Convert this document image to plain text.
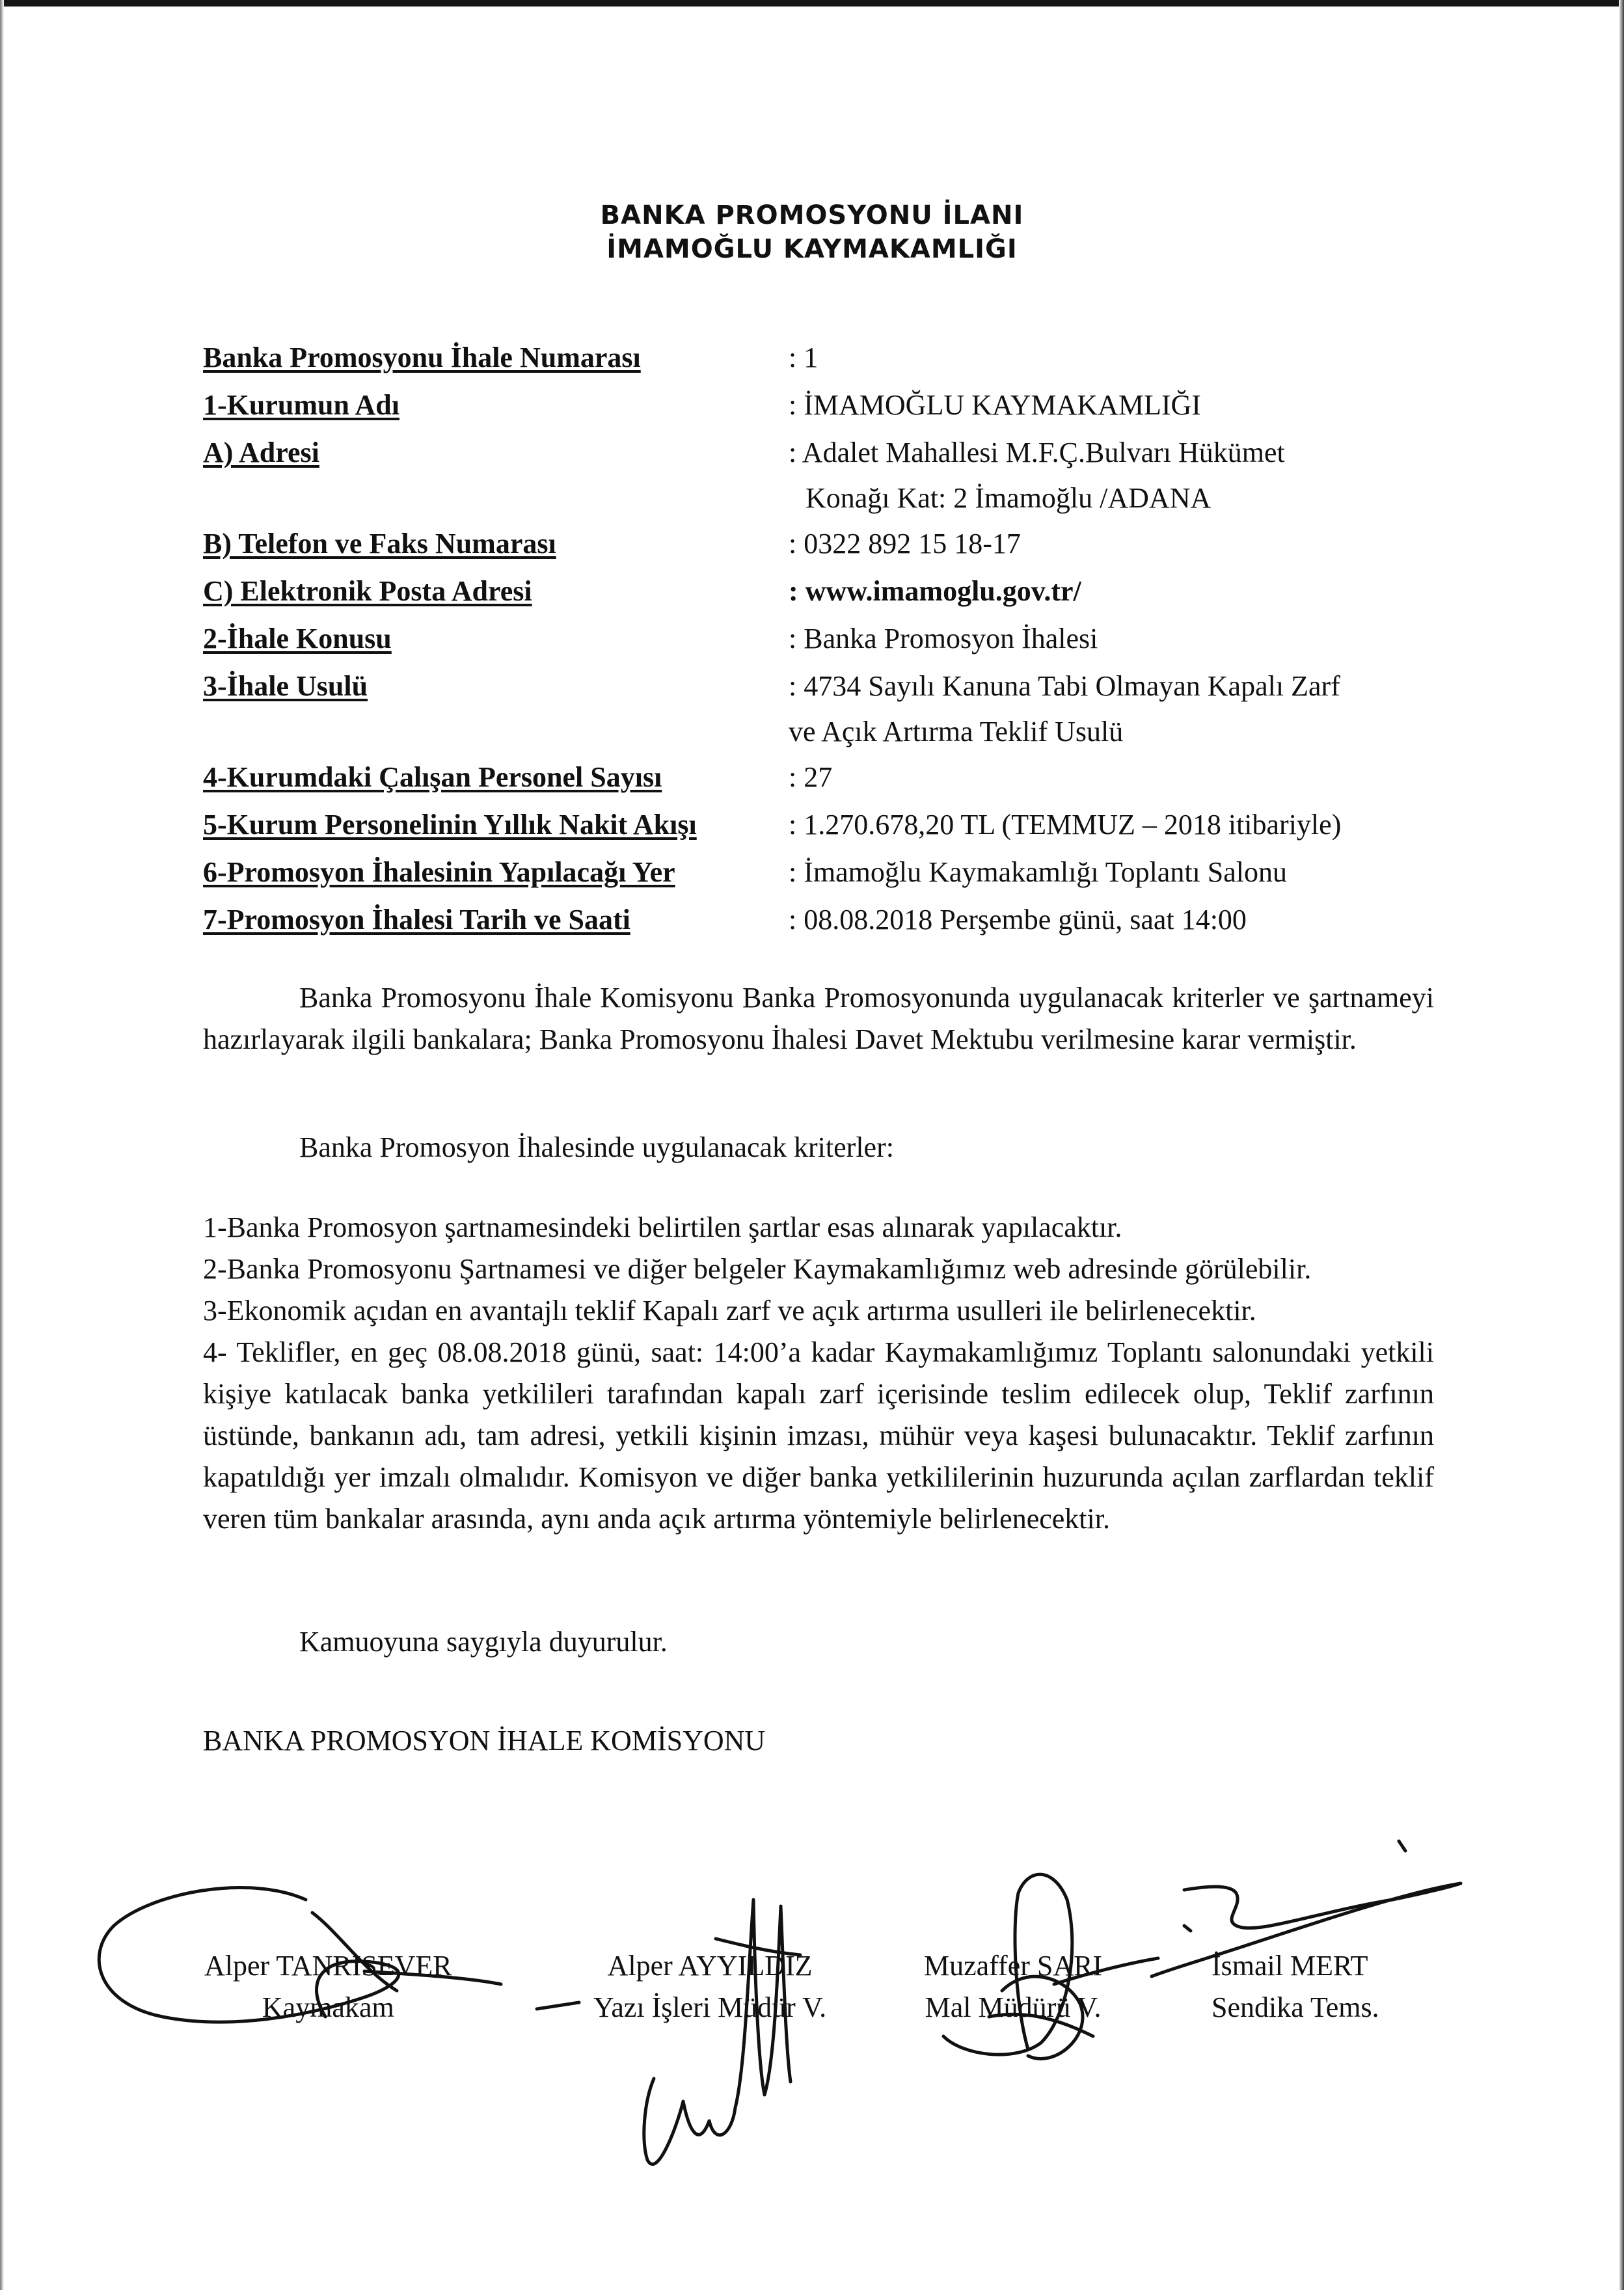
BANKA PROMOSYONU İLANI
İMAMOĞLU KAYMAKAMLIĞI
Banka Promosyonu İhale Numarası	: 1
1-Kurumun Adı	: İMAMOĞLU KAYMAKAMLIĞI
A) Adresi	: Adalet Mahallesi M.F.Ç.Bulvarı Hükümet
Konağı Kat: 2 İmamoğlu /ADANA
B) Telefon ve Faks Numarası	: 0322 892 15 18-17
C) Elektronik Posta Adresi	: www.imamoglu.gov.tr/
2-İhale Konusu	: Banka Promosyon İhalesi
3-İhale Usulü	: 4734 Sayılı Kanuna Tabi Olmayan Kapalı Zarf
ve Açık Artırma Teklif Usulü
4-Kurumdaki Çalışan Personel Sayısı	: 27
5-Kurum Personelinin Yıllık Nakit Akışı	: 1.270.678,20 TL (TEMMUZ – 2018 itibariyle)
6-Promosyon İhalesinin Yapılacağı Yer	: İmamoğlu Kaymakamlığı Toplantı Salonu
7-Promosyon İhalesi Tarih ve Saati	: 08.08.2018 Perşembe günü, saat 14:00
Banka Promosyonu İhale Komisyonu Banka Promosyonunda uygulanacak kriterler ve şartnameyi hazırlayarak ilgili bankalara; Banka Promosyonu İhalesi Davet Mektubu verilmesine karar vermiştir.
Banka Promosyon İhalesinde uygulanacak kriterler:
1-Banka Promosyon şartnamesindeki belirtilen şartlar esas alınarak yapılacaktır.
2-Banka Promosyonu Şartnamesi ve diğer belgeler Kaymakamlığımız web adresinde görülebilir.
3-Ekonomik açıdan en avantajlı teklif Kapalı zarf ve açık artırma usulleri ile belirlenecektir.
4- Teklifler, en geç 08.08.2018 günü, saat: 14:00’a kadar Kaymakamlığımız Toplantı salonundaki yetkili kişiye katılacak banka yetkilileri tarafından kapalı zarf içerisinde teslim edilecek olup, Teklif zarfının üstünde, bankanın adı, tam adresi, yetkili kişinin imzası, mühür veya kaşesi bulunacaktır. Teklif zarfının kapatıldığı yer imzalı olmalıdır. Komisyon ve diğer banka yetkililerinin huzurunda açılan zarflardan teklif veren tüm bankalar arasında, aynı anda açık artırma yöntemiyle belirlenecektir.
Kamuoyuna saygıyla duyurulur.
BANKA PROMOSYON İHALE KOMİSYONU
Alper TANRISEVER
Kaymakam
Alper AYYILDIZ
Yazı İşleri Müdür V.
Muzaffer SARI
Mal Müdürü V.
İsmail MERT
Sendika Tems.
